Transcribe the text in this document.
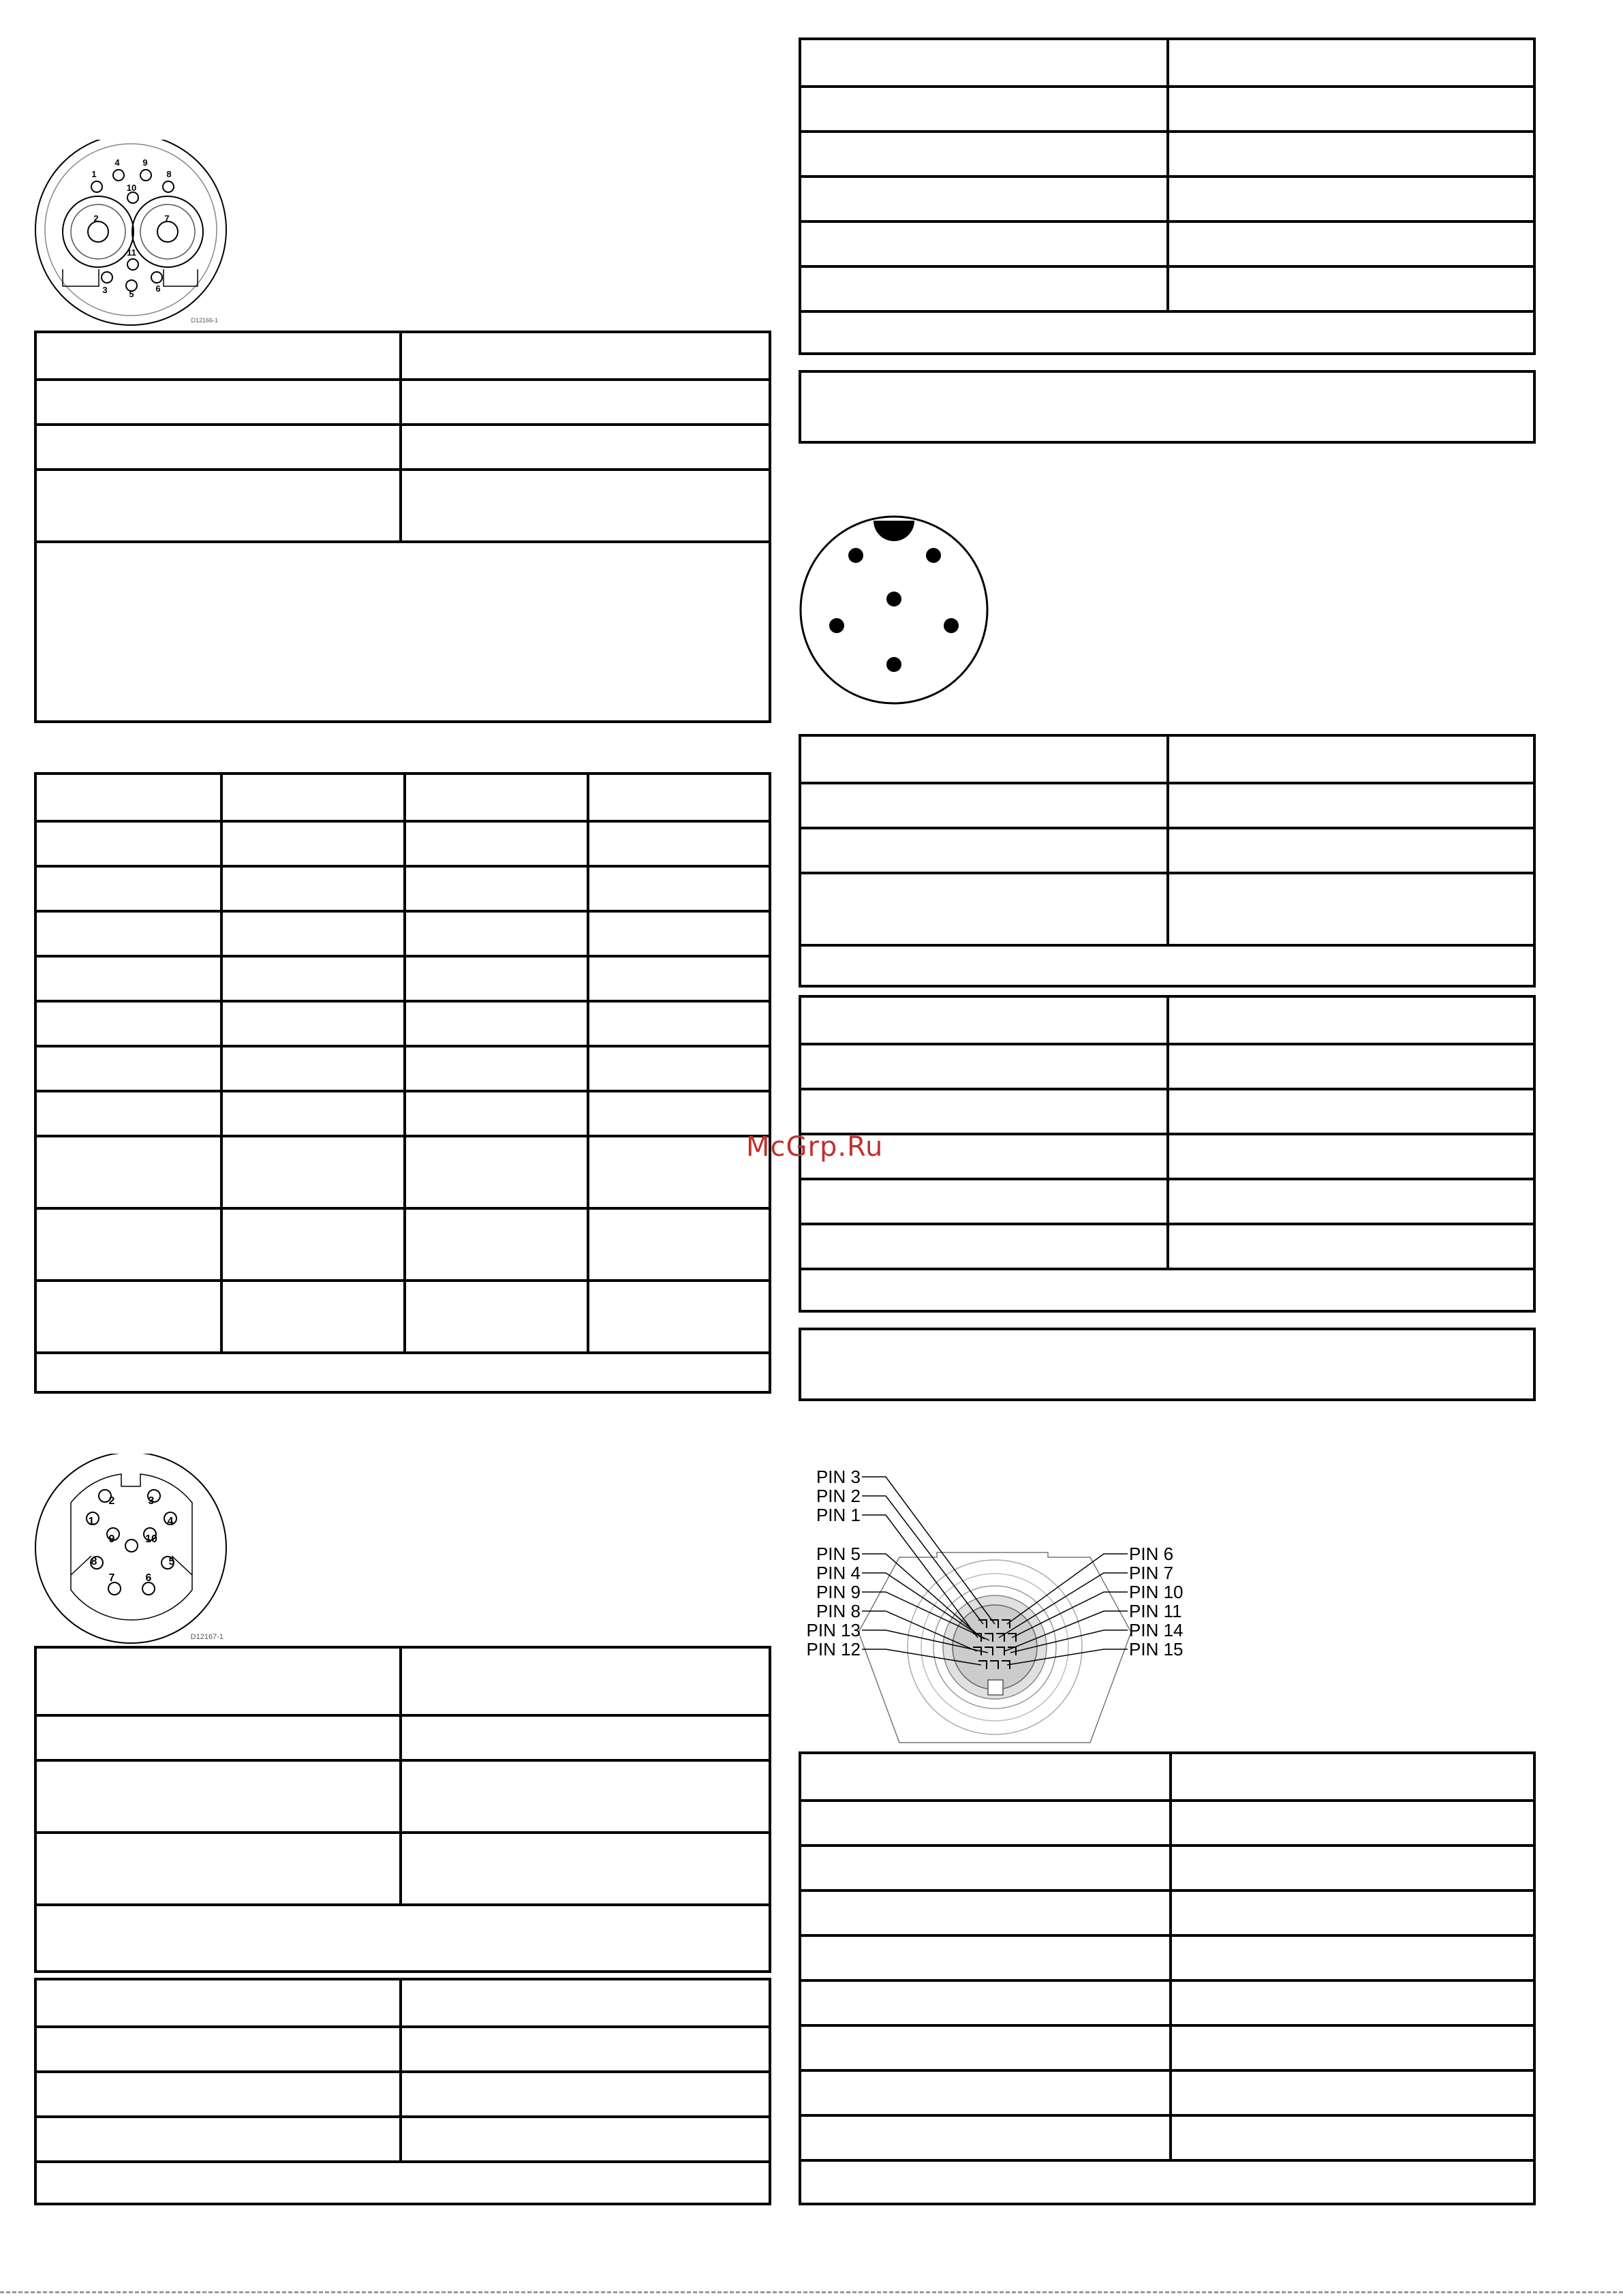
1
2
3
4
5
6
7
8
9
10
11
D12166-1
1
2	3
4
5
6
7
8
9	10
D12167-1
PIN 3
PIN 2
PIN 1
PIN 5
PIN 4
PIN 9
PIN 8
PIN 13
PIN 12
PIN 6
PIN 7
PIN 10
PIN 11
PIN 14
PIN 15
McGrp.Ru
